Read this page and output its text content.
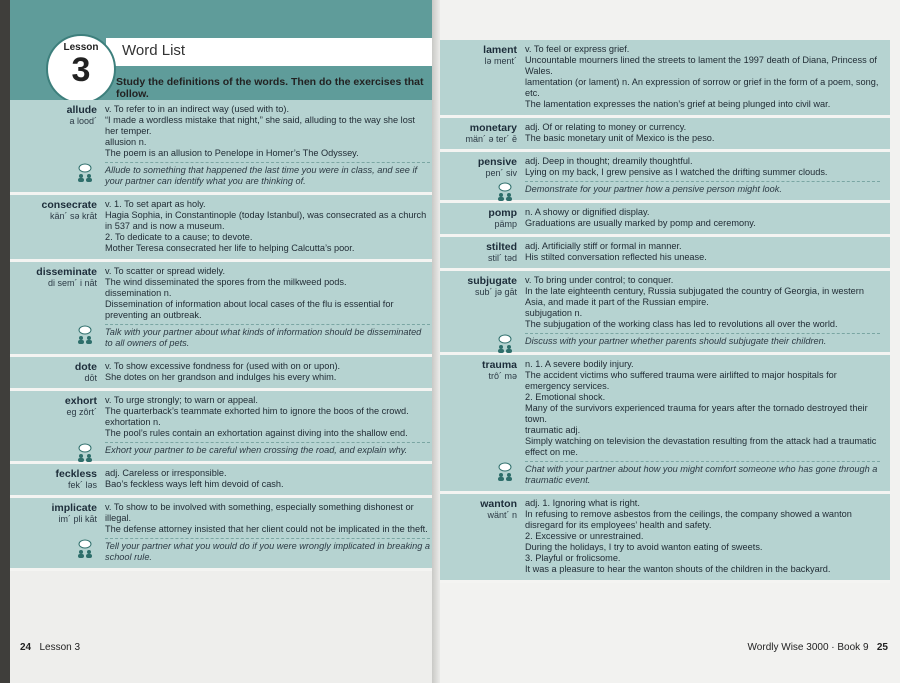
Word List
Lesson
3	Study the definitions of the words. Then do the exercises that follow.
allude
a lood´
v. To refer to in an indirect way (used with to).
“I made a wordless mistake that night,” she said, alluding to the way she lost her temper.
allusion n.
The poem is an allusion to Penelope in Homer’s The Odyssey.
Allude to something that happened the last time you were in class, and see if your partner can identify what you are thinking of.
consecrate
kän´ sə krāt
v. 1. To set apart as holy.
Hagia Sophia, in Constantinople (today Istanbul), was consecrated as a church in 537 and is now a museum.
2. To dedicate to a cause; to devote.
Mother Teresa consecrated her life to helping Calcutta’s poor.
disseminate
di sem´ i nāt
v. To scatter or spread widely.
The wind disseminated the spores from the milkweed pods.
dissemination n.
Dissemination of information about local cases of the flu is essential for preventing an outbreak.
Talk with your partner about what kinds of information should be disseminated to all owners of pets.
dote
dōt
v. To show excessive fondness for (used with on or upon).
She dotes on her grandson and indulges his every whim.
exhort
eg zôrt´
v. To urge strongly; to warn or appeal.
The quarterback’s teammate exhorted him to ignore the boos of the crowd.
exhortation n.
The pool’s rules contain an exhortation against diving into the shallow end.
Exhort your partner to be careful when crossing the road, and explain why.
feckless
fek´ ləs
adj. Careless or irresponsible.
Bao’s feckless ways left him devoid of cash.
implicate
im´ pli kāt
v. To show to be involved with something, especially something dishonest or illegal.
The defense attorney insisted that her client could not be implicated in the theft.
Tell your partner what you would do if you were wrongly implicated in breaking a school rule.
24 Lesson 3
lament
lə ment´
v. To feel or express grief.
Uncountable mourners lined the streets to lament the 1997 death of Diana, Princess of Wales.
lamentation (or lament) n. An expression of sorrow or grief in the form of a poem, song, etc.
The lamentation expresses the nation’s grief at being plunged into civil war.
monetary
män´ ə ter´ ē
adj. Of or relating to money or currency.
The basic monetary unit of Mexico is the peso.
pensive
pen´ siv
adj. Deep in thought; dreamily thoughtful.
Lying on my back, I grew pensive as I watched the drifting summer clouds.
Demonstrate for your partner how a pensive person might look.
pomp
pämp
n. A showy or dignified display.
Graduations are usually marked by pomp and ceremony.
stilted
stil´ təd
adj. Artificially stiff or formal in manner.
His stilted conversation reflected his unease.
subjugate
sub´ jə gāt
v. To bring under control; to conquer.
In the late eighteenth century, Russia subjugated the country of Georgia, in western Asia, and made it part of the Russian empire.
subjugation n.
The subjugation of the working class has led to revolutions all over the world.
Discuss with your partner whether parents should subjugate their children.
trauma
trô´ mə
n. 1. A severe bodily injury.
The accident victims who suffered trauma were airlifted to major hospitals for emergency services.
2. Emotional shock.
Many of the survivors experienced trauma for years after the tornado destroyed their town.
traumatic adj.
Simply watching on television the devastation resulting from the attack had a traumatic effect on me.
Chat with your partner about how you might comfort someone who has gone through a traumatic event.
wanton
wänt´ n
adj. 1. Ignoring what is right.
In refusing to remove asbestos from the ceilings, the company showed a wanton disregard for its employees’ health and safety.
2. Excessive or unrestrained.
During the holidays, I try to avoid wanton eating of sweets.
3. Playful or frolicsome.
It was a pleasure to hear the wanton shouts of the children in the backyard.
Wordly Wise 3000 · Book 9 25
